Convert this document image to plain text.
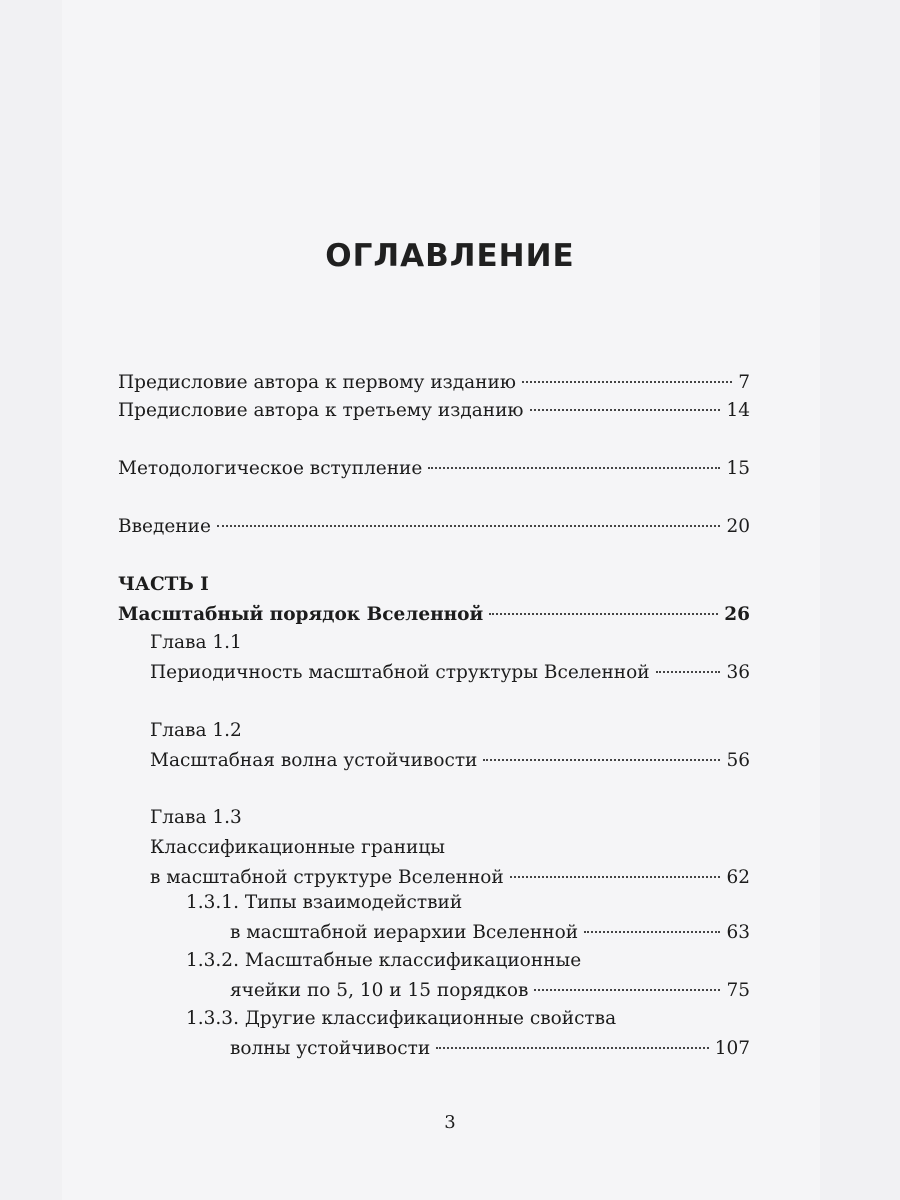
ОГЛАВЛЕНИЕ
Предисловие автора к первому изданию	7
Предисловие автора к третьему изданию	14
Методологическое вступление	15
Введение	20
ЧАСТЬ I
Масштабный порядок Вселенной	26
Глава 1.1
Периодичность масштабной структуры Вселенной	36
Глава 1.2
Масштабная волна устойчивости	56
Глава 1.3
Классификационные границы
в масштабной структуре Вселенной	62
1.3.1. Типы взаимодействий
в масштабной иерархии Вселенной	63
1.3.2. Масштабные классификационные
ячейки по 5, 10 и 15 порядков	75
1.3.3. Другие классификационные свойства
волны устойчивости	107
3
